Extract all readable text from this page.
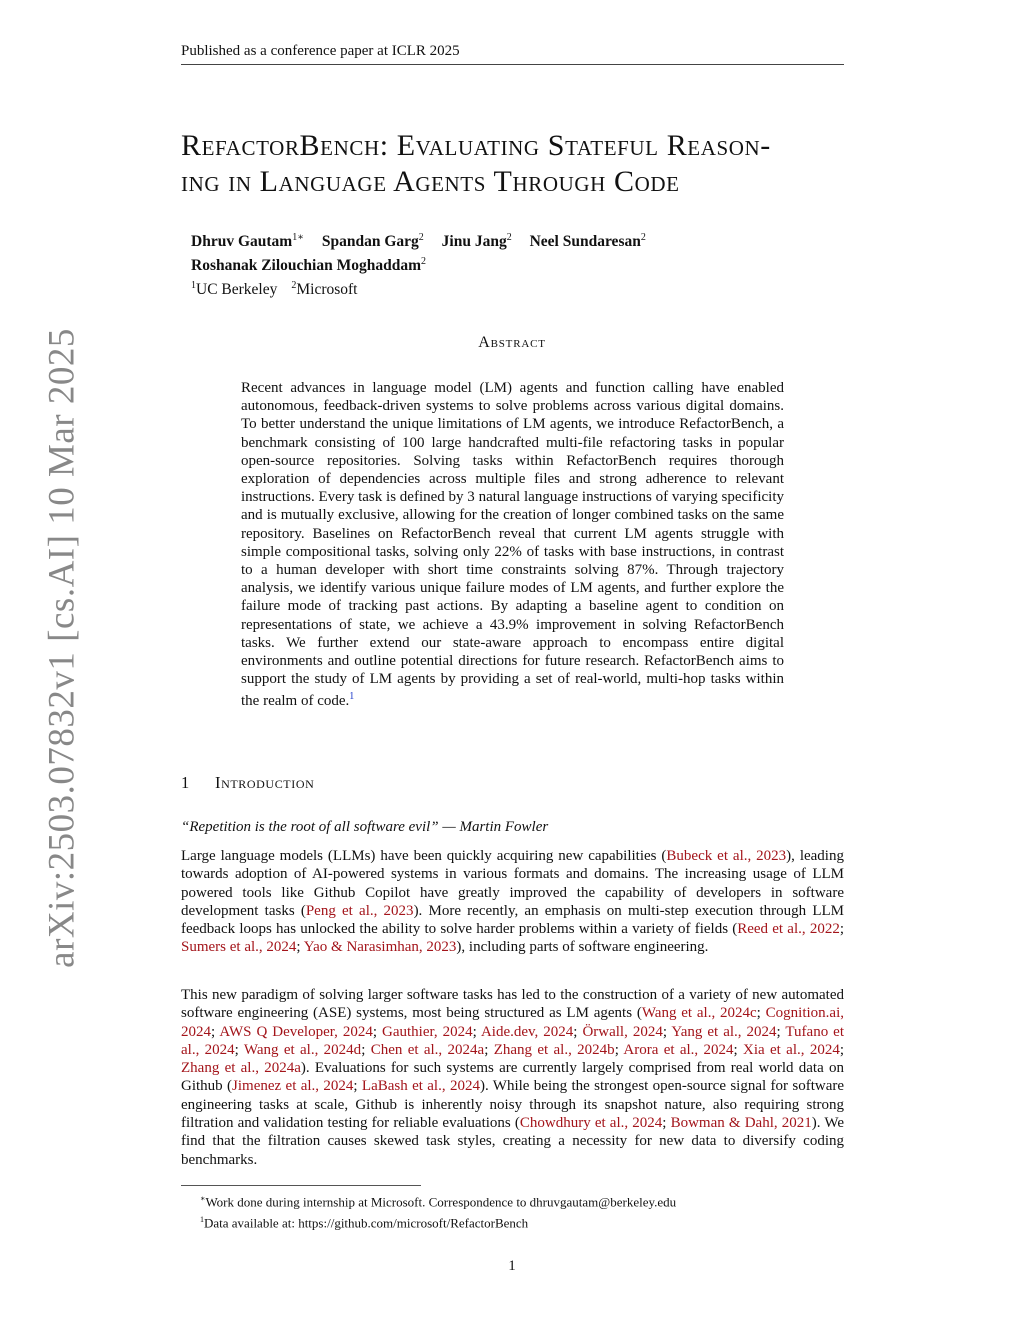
Published as a conference paper at ICLR 2025
arXiv:2503.07832v1 [cs.AI] 10 Mar 2025
RefactorBench: Evaluating Stateful Reason-
ing in Language Agents Through Code
Dhruv Gautam$^{1∗}$ Spandan Garg$^2$ Jinu Jang$^2$ Neel Sundaresan$^2$
Roshanak Zilouchian Moghaddam$^2$
$^1$UC Berkeley $^2$Microsoft
Abstract
Recent advances in language model (LM) agents and function calling have enabled autonomous, feedback-driven systems to solve problems across various digital domains. To better understand the unique limitations of LM agents, we introduce RefactorBench, a benchmark consisting of 100 large handcrafted multi-file refactoring tasks in popular open-source repositories. Solving tasks within RefactorBench requires thorough exploration of dependencies across multiple files and strong adherence to relevant instructions. Every task is defined by 3 natural language instructions of varying specificity and is mutually exclusive, allowing for the creation of longer combined tasks on the same repository. Baselines on RefactorBench reveal that current LM agents struggle with simple compositional tasks, solving only 22% of tasks with base instructions, in contrast to a human developer with short time constraints solving 87%. Through trajectory analysis, we identify various unique failure modes of LM agents, and further explore the failure mode of tracking past actions. By adapting a baseline agent to condition on representations of state, we achieve a 43.9% improvement in solving RefactorBench tasks. We further extend our state-aware approach to encompass entire digital environments and outline potential directions for future research. RefactorBench aims to support the study of LM agents by providing a set of real-world, multi-hop tasks within the realm of code.$^1$
1 Introduction
“Repetition is the root of all software evil” — Martin Fowler
Large language models (LLMs) have been quickly acquiring new capabilities (Bubeck et al., 2023), leading towards adoption of AI-powered systems in various formats and domains. The increasing usage of LLM powered tools like Github Copilot have greatly improved the capability of developers in software development tasks (Peng et al., 2023). More recently, an emphasis on multi-step execution through LLM feedback loops has unlocked the ability to solve harder problems within a variety of fields (Reed et al., 2022; Sumers et al., 2024; Yao & Narasimhan, 2023), including parts of software engineering.
This new paradigm of solving larger software tasks has led to the construction of a variety of new automated software engineering (ASE) systems, most being structured as LM agents (Wang et al., 2024c; Cognition.ai, 2024; AWS Q Developer, 2024; Gauthier, 2024; Aide.dev, 2024; Örwall, 2024; Yang et al., 2024; Tufano et al., 2024; Wang et al., 2024d; Chen et al., 2024a; Zhang et al., 2024b; Arora et al., 2024; Xia et al., 2024; Zhang et al., 2024a). Evaluations for such systems are currently largely comprised from real world data on Github (Jimenez et al., 2024; LaBash et al., 2024). While being the strongest open-source signal for software engineering tasks at scale, Github is inherently noisy through its snapshot nature, also requiring strong filtration and validation testing for reliable evaluations (Chowdhury et al., 2024; Bowman & Dahl, 2021). We find that the filtration causes skewed task styles, creating a necessity for new data to diversify coding benchmarks.
∗Work done during internship at Microsoft. Correspondence to dhruvgautam@berkeley.edu
$^1$Data available at: https://github.com/microsoft/RefactorBench
1
